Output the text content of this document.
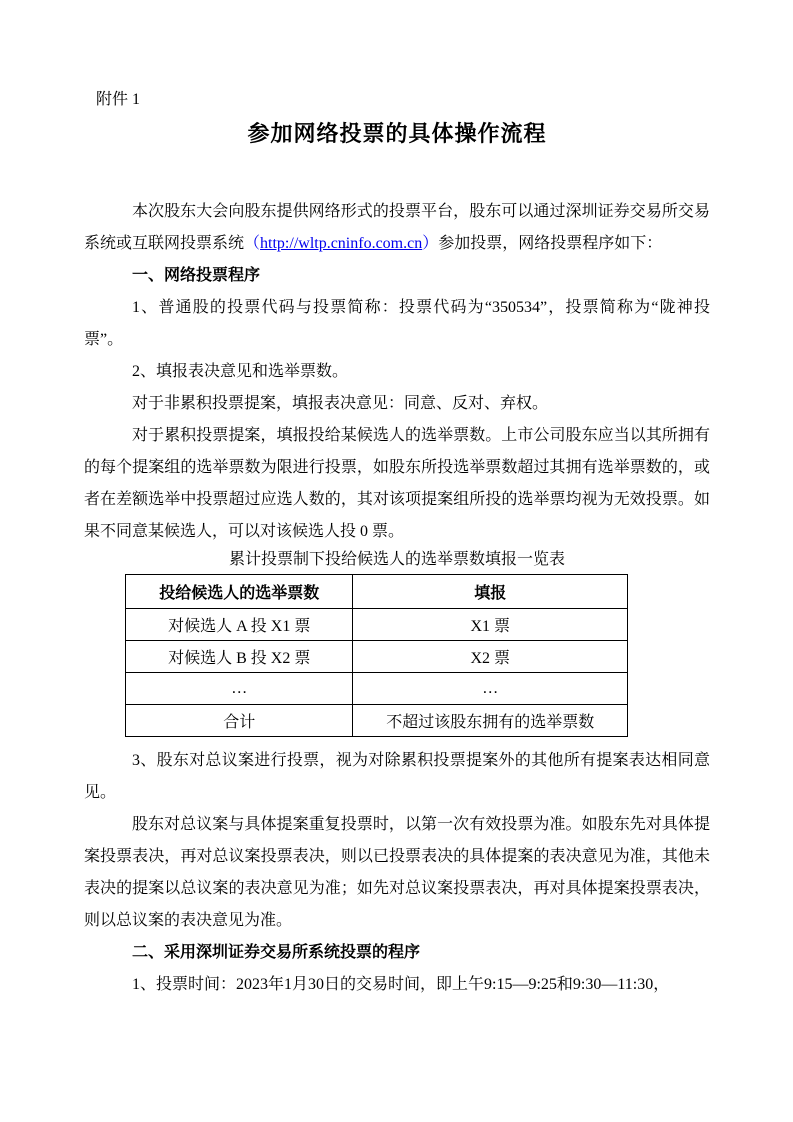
附件 1
参加网络投票的具体操作流程

本次股东大会向股东提供网络形式的投票平台，股东可以通过深圳证券交易所交易系统或互联网投票系统（http://wltp.cninfo.com.cn）参加投票，网络投票程序如下：

一、网络投票程序

1、普通股的投票代码与投票简称：投票代码为“350534”，投票简称为“陇神投票”。

2、填报表决意见和选举票数。

对于非累积投票提案，填报表决意见：同意、反对、弃权。

对于累积投票提案，填报投给某候选人的选举票数。上市公司股东应当以其所拥有的每个提案组的选举票数为限进行投票，如股东所投选举票数超过其拥有选举票数的，或者在差额选举中投票超过应选人数的，其对该项提案组所投的选举票均视为无效投票。如果不同意某候选人，可以对该候选人投 0 票。

累计投票制下投给候选人的选举票数填报一览表
投给候选人的选举票数	填报
对候选人 A 投 X1 票	X1 票
对候选人 B 投 X2 票	X2 票
…	…
合计	不超过该股东拥有的选举票数

3、股东对总议案进行投票，视为对除累积投票提案外的其他所有提案表达相同意见。

股东对总议案与具体提案重复投票时，以第一次有效投票为准。如股东先对具体提案投票表决，再对总议案投票表决，则以已投票表决的具体提案的表决意见为准，其他未表决的提案以总议案的表决意见为准；如先对总议案投票表决，再对具体提案投票表决，则以总议案的表决意见为准。

二、采用深圳证券交易所系统投票的程序

1、投票时间：2023年1月30日的交易时间，即上午9:15—9:25和9:30—11:30，
